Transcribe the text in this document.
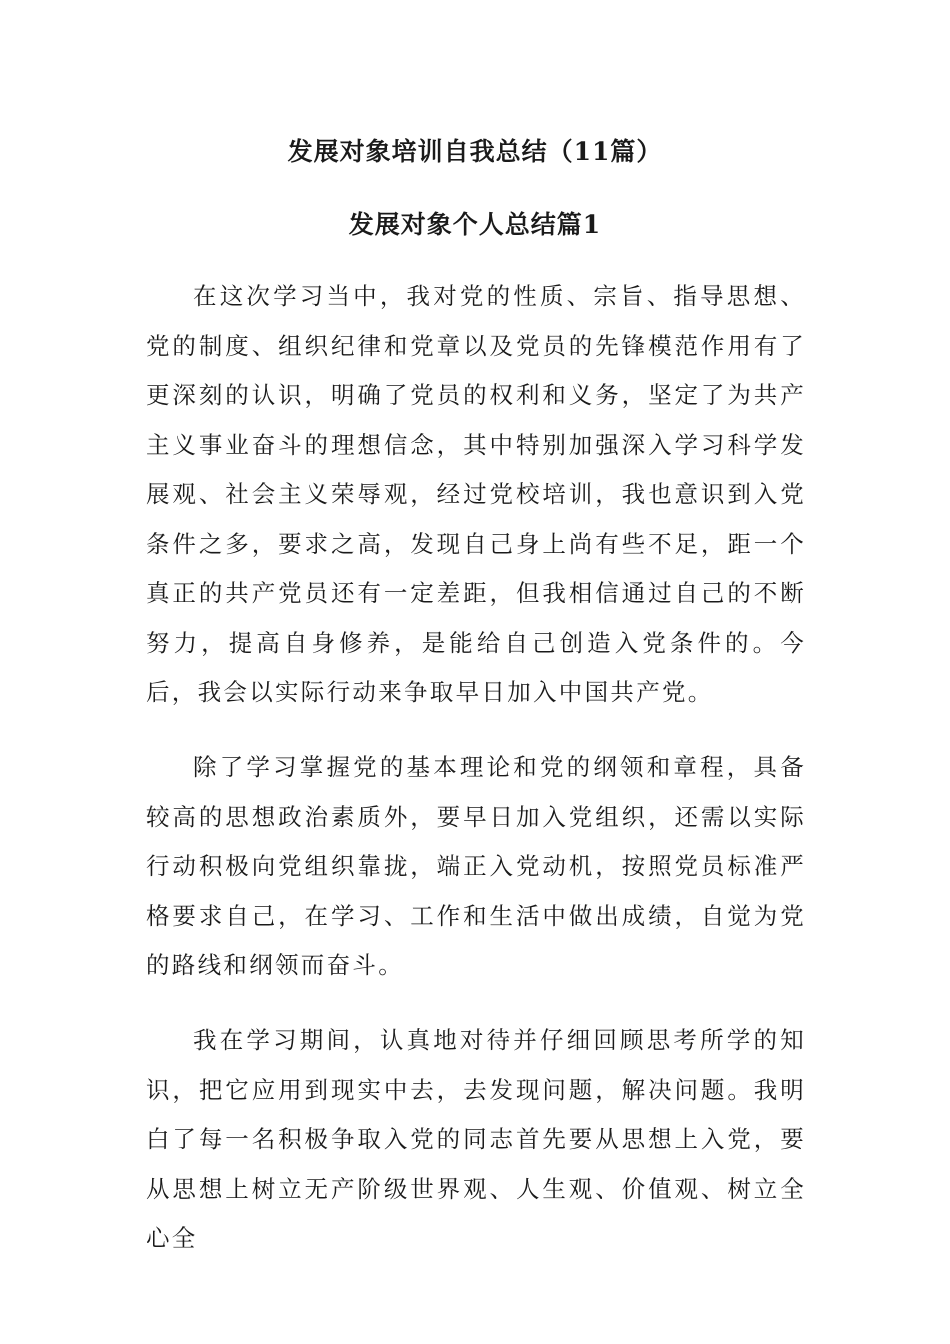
发展对象培训自我总结（11篇）
发展对象个人总结篇1

在这次学习当中，我对党的性质、宗旨、指导思想、党的制度、组织纪律和党章以及党员的先锋模范作用有了更深刻的认识，明确了党员的权利和义务，坚定了为共产主义事业奋斗的理想信念，其中特别加强深入学习科学发展观、社会主义荣辱观，经过党校培训，我也意识到入党条件之多，要求之高，发现自己身上尚有些不足，距一个真正的共产党员还有一定差距，但我相信通过自己的不断努力，提高自身修养，是能给自己创造入党条件的。今后，我会以实际行动来争取早日加入中国共产党。

除了学习掌握党的基本理论和党的纲领和章程，具备较高的思想政治素质外，要早日加入党组织，还需以实际行动积极向党组织靠拢，端正入党动机，按照党员标准严格要求自己，在学习、工作和生活中做出成绩，自觉为党的路线和纲领而奋斗。

我在学习期间，认真地对待并仔细回顾思考所学的知识，把它应用到现实中去，去发现问题，解决问题。我明白了每一名积极争取入党的同志首先要从思想上入党，要从思想上树立无产阶级世界观、人生观、价值观、树立全心全
